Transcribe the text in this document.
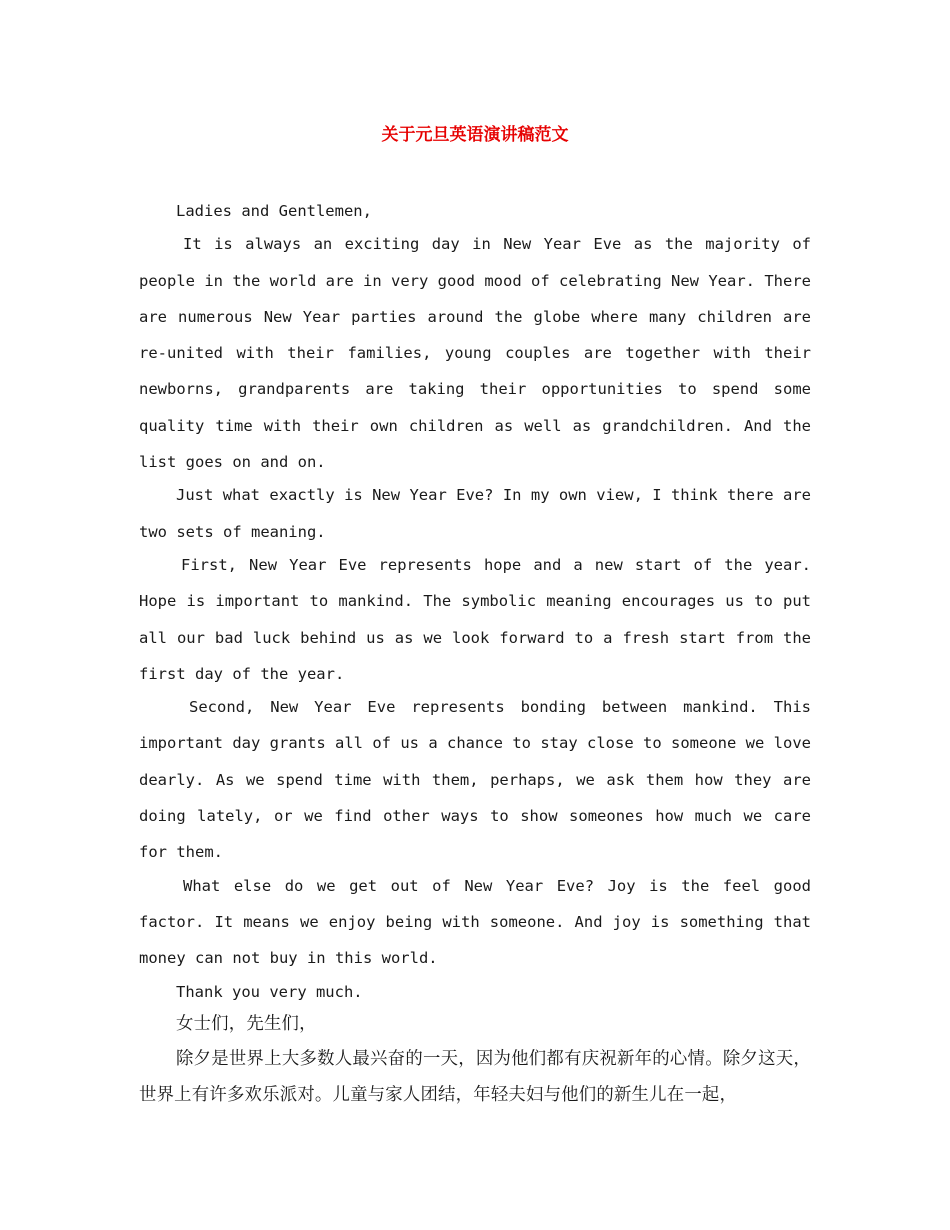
关于元旦英语演讲稿范文

Ladies and Gentlemen,

It is always an exciting day in New Year Eve as the majority of people in the world are in very good mood of celebrating New Year. There are numerous New Year parties around the globe where many children are re-united with their families, young couples are together with their newborns, grandparents are taking their opportunities to spend some quality time with their own children as well as grandchildren. And the list goes on and on.

Just what exactly is New Year Eve? In my own view, I think there are two sets of meaning.

First, New Year Eve represents hope and a new start of the year. Hope is important to mankind. The symbolic meaning encourages us to put all our bad luck behind us as we look forward to a fresh start from the first day of the year.

Second, New Year Eve represents bonding between mankind. This important day grants all of us a chance to stay close to someone we love dearly. As we spend time with them, perhaps, we ask them how they are doing lately, or we find other ways to show someones how much we care for them.

What else do we get out of New Year Eve? Joy is the feel good factor. It means we enjoy being with someone. And joy is something that money can not buy in this world.

Thank you very much.

女士们，先生们，

除夕是世界上大多数人最兴奋的一天，因为他们都有庆祝新年的心情。除夕这天，世界上有许多欢乐派对。儿童与家人团结，年轻夫妇与他们的新生儿在一起，
